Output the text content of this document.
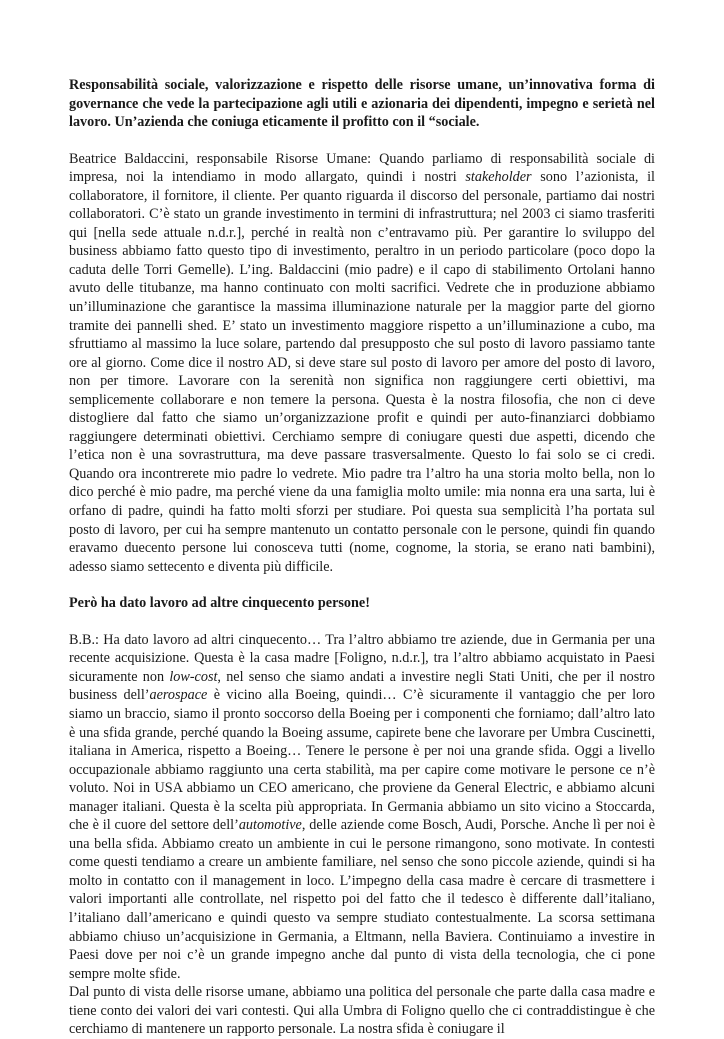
Responsabilità sociale, valorizzazione e rispetto delle risorse umane, un’innovativa forma di governance che vede la partecipazione agli utili e azionaria dei dipendenti, impegno e serietà nel lavoro. Un’azienda che coniuga eticamente il profitto con il “sociale.

Beatrice Baldaccini, responsabile Risorse Umane: Quando parliamo di responsabilità sociale di impresa, noi la intendiamo in modo allargato, quindi i nostri stakeholder sono l’azionista, il collaboratore, il fornitore, il cliente. Per quanto riguarda il discorso del personale, partiamo dai nostri collaboratori. C’è stato un grande investimento in termini di infrastruttura; nel 2003 ci siamo trasferiti qui [nella sede attuale n.d.r.], perché in realtà non c’entravamo più. Per garantire lo sviluppo del business abbiamo fatto questo tipo di investimento, peraltro in un periodo particolare (poco dopo la caduta delle Torri Gemelle). L’ing. Baldaccini (mio padre) e il capo di stabilimento Ortolani hanno avuto delle titubanze, ma hanno continuato con molti sacrifici. Vedrete che in produzione abbiamo un’illuminazione che garantisce la massima illuminazione naturale per la maggior parte del giorno tramite dei pannelli shed. E’ stato un investimento maggiore rispetto a un’illuminazione a cubo, ma sfruttiamo al massimo la luce solare, partendo dal presupposto che sul posto di lavoro passiamo tante ore al giorno. Come dice il nostro AD, si deve stare sul posto di lavoro per amore del posto di lavoro, non per timore. Lavorare con la serenità non significa non raggiungere certi obiettivi, ma semplicemente collaborare e non temere la persona. Questa è la nostra filosofia, che non ci deve distogliere dal fatto che siamo un’organizzazione profit e quindi per auto-finanziarci dobbiamo raggiungere determinati obiettivi. Cerchiamo sempre di coniugare questi due aspetti, dicendo che l’etica non è una sovrastruttura, ma deve passare trasversalmente. Questo lo fai solo se ci credi. Quando ora incontrerete mio padre lo vedrete. Mio padre tra l’altro ha una storia molto bella, non lo dico perché è mio padre, ma perché viene da una famiglia molto umile: mia nonna era una sarta, lui è orfano di padre, quindi ha fatto molti sforzi per studiare. Poi questa sua semplicità l’ha portata sul posto di lavoro, per cui ha sempre mantenuto un contatto personale con le persone, quindi fin quando eravamo duecento persone lui conoscevа tutti (nome, cognome, la storia, se erano nati bambini), adesso siamo settecento e diventa più difficile.

Però ha dato lavoro ad altre cinquecento persone!

B.B.: Ha dato lavoro ad altri cinquecento… Tra l’altro abbiamo tre aziende, due in Germania per una recente acquisizione. Questa è la casa madre [Foligno, n.d.r.], tra l’altro abbiamo acquistato in Paesi sicuramente non low-cost, nel senso che siamo andati a investire negli Stati Uniti, che per il nostro business dell’aerospace è vicino alla Boeing, quindi… C’è sicuramente il vantaggio che per loro siamo un braccio, siamo il pronto soccorso della Boeing per i componenti che forniamo; dall’altro lato è una sfida grande, perché quando la Boeing assume, capirete bene che lavorare per Umbra Cuscinetti, italiana in America, rispetto a Boeing… Tenere le persone è per noi una grande sfida. Oggi a livello occupazionale abbiamo raggiunto una certa stabilità, ma per capire come motivare le persone ce n’è voluto. Noi in USA abbiamo un CEO americano, che proviene da General Electric, e abbiamo alcuni manager italiani. Questa è la scelta più appropriata. In Germania abbiamo un sito vicino a Stoccarda, che è il cuore del settore dell’automotive, delle aziende come Bosch, Audi, Porsche. Anche lì per noi è una bella sfida. Abbiamo creato un ambiente in cui le persone rimangono, sono motivate. In contesti come questi tendiamo a creare un ambiente familiare, nel senso che sono piccole aziende, quindi si ha molto in contatto con il management in loco. L’impegno della casa madre è cercare di trasmettere i valori importanti alle controllate, nel rispetto poi del fatto che il tedesco è differente dall’italiano, l’italiano dall’americano e quindi questo va sempre studiato contestualmente. La scorsa settimana abbiamo chiuso un’acquisizione in Germania, a Eltmann, nella Baviera. Continuiamo a investire in Paesi dove per noi c’è un grande impegno anche dal punto di vista della tecnologia, che ci pone sempre molte sfide.

Dal punto di vista delle risorse umane, abbiamo una politica del personale che parte dalla casa madre e tiene conto dei valori dei vari contesti. Qui alla Umbra di Foligno quello che ci contraddistingue è che cerchiamo di mantenere un rapporto personale. La nostra sfida è coniugare il
